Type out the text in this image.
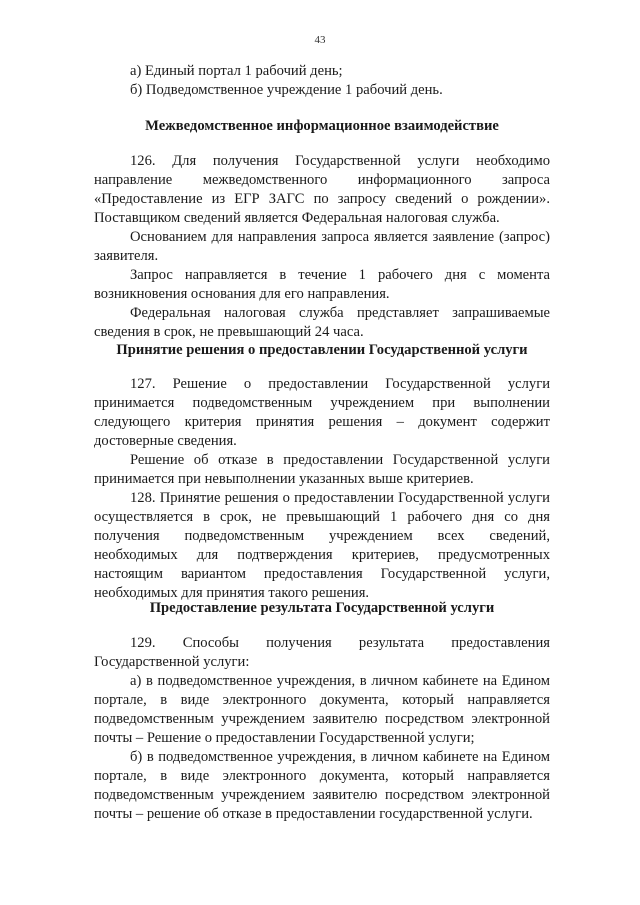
43

а) Единый портал 1 рабочий день;

б) Подведомственное учреждение 1 рабочий день.

Межведомственное информационное взаимодействие

126. Для получения Государственной услуги необходимо направление межведомственного информационного запроса «Предоставление из ЕГР ЗАГС по запросу сведений о рождении». Поставщиком сведений является Федеральная налоговая служба.

Основанием для направления запроса является заявление (запрос) заявителя.

Запрос направляется в течение 1 рабочего дня с момента возникновения основания для его направления.

Федеральная налоговая служба представляет запрашиваемые сведения в срок, не превышающий 24 часа.

Принятие решения о предоставлении Государственной услуги

127. Решение о предоставлении Государственной услуги принимается подведомственным учреждением при выполнении следующего критерия принятия решения – документ содержит достоверные сведения.

Решение об отказе в предоставлении Государственной услуги принимается при невыполнении указанных выше критериев.

128. Принятие решения о предоставлении Государственной услуги осуществляется в срок, не превышающий 1 рабочего дня со дня получения подведомственным учреждением всех сведений, необходимых для подтверждения критериев, предусмотренных настоящим вариантом предоставления Государственной услуги, необходимых для принятия такого решения.

Предоставление результата Государственной услуги

129. Способы получения результата предоставления Государственной услуги:

а) в подведомственное учреждения, в личном кабинете на Едином портале, в виде электронного документа, который направляется подведомственным учреждением заявителю посредством электронной почты – Решение о предоставлении Государственной услуги;

б) в подведомственное учреждения, в личном кабинете на Едином портале, в виде электронного документа, который направляется подведомственным учреждением заявителю посредством электронной почты – решение об отказе в предоставлении государственной услуги.
